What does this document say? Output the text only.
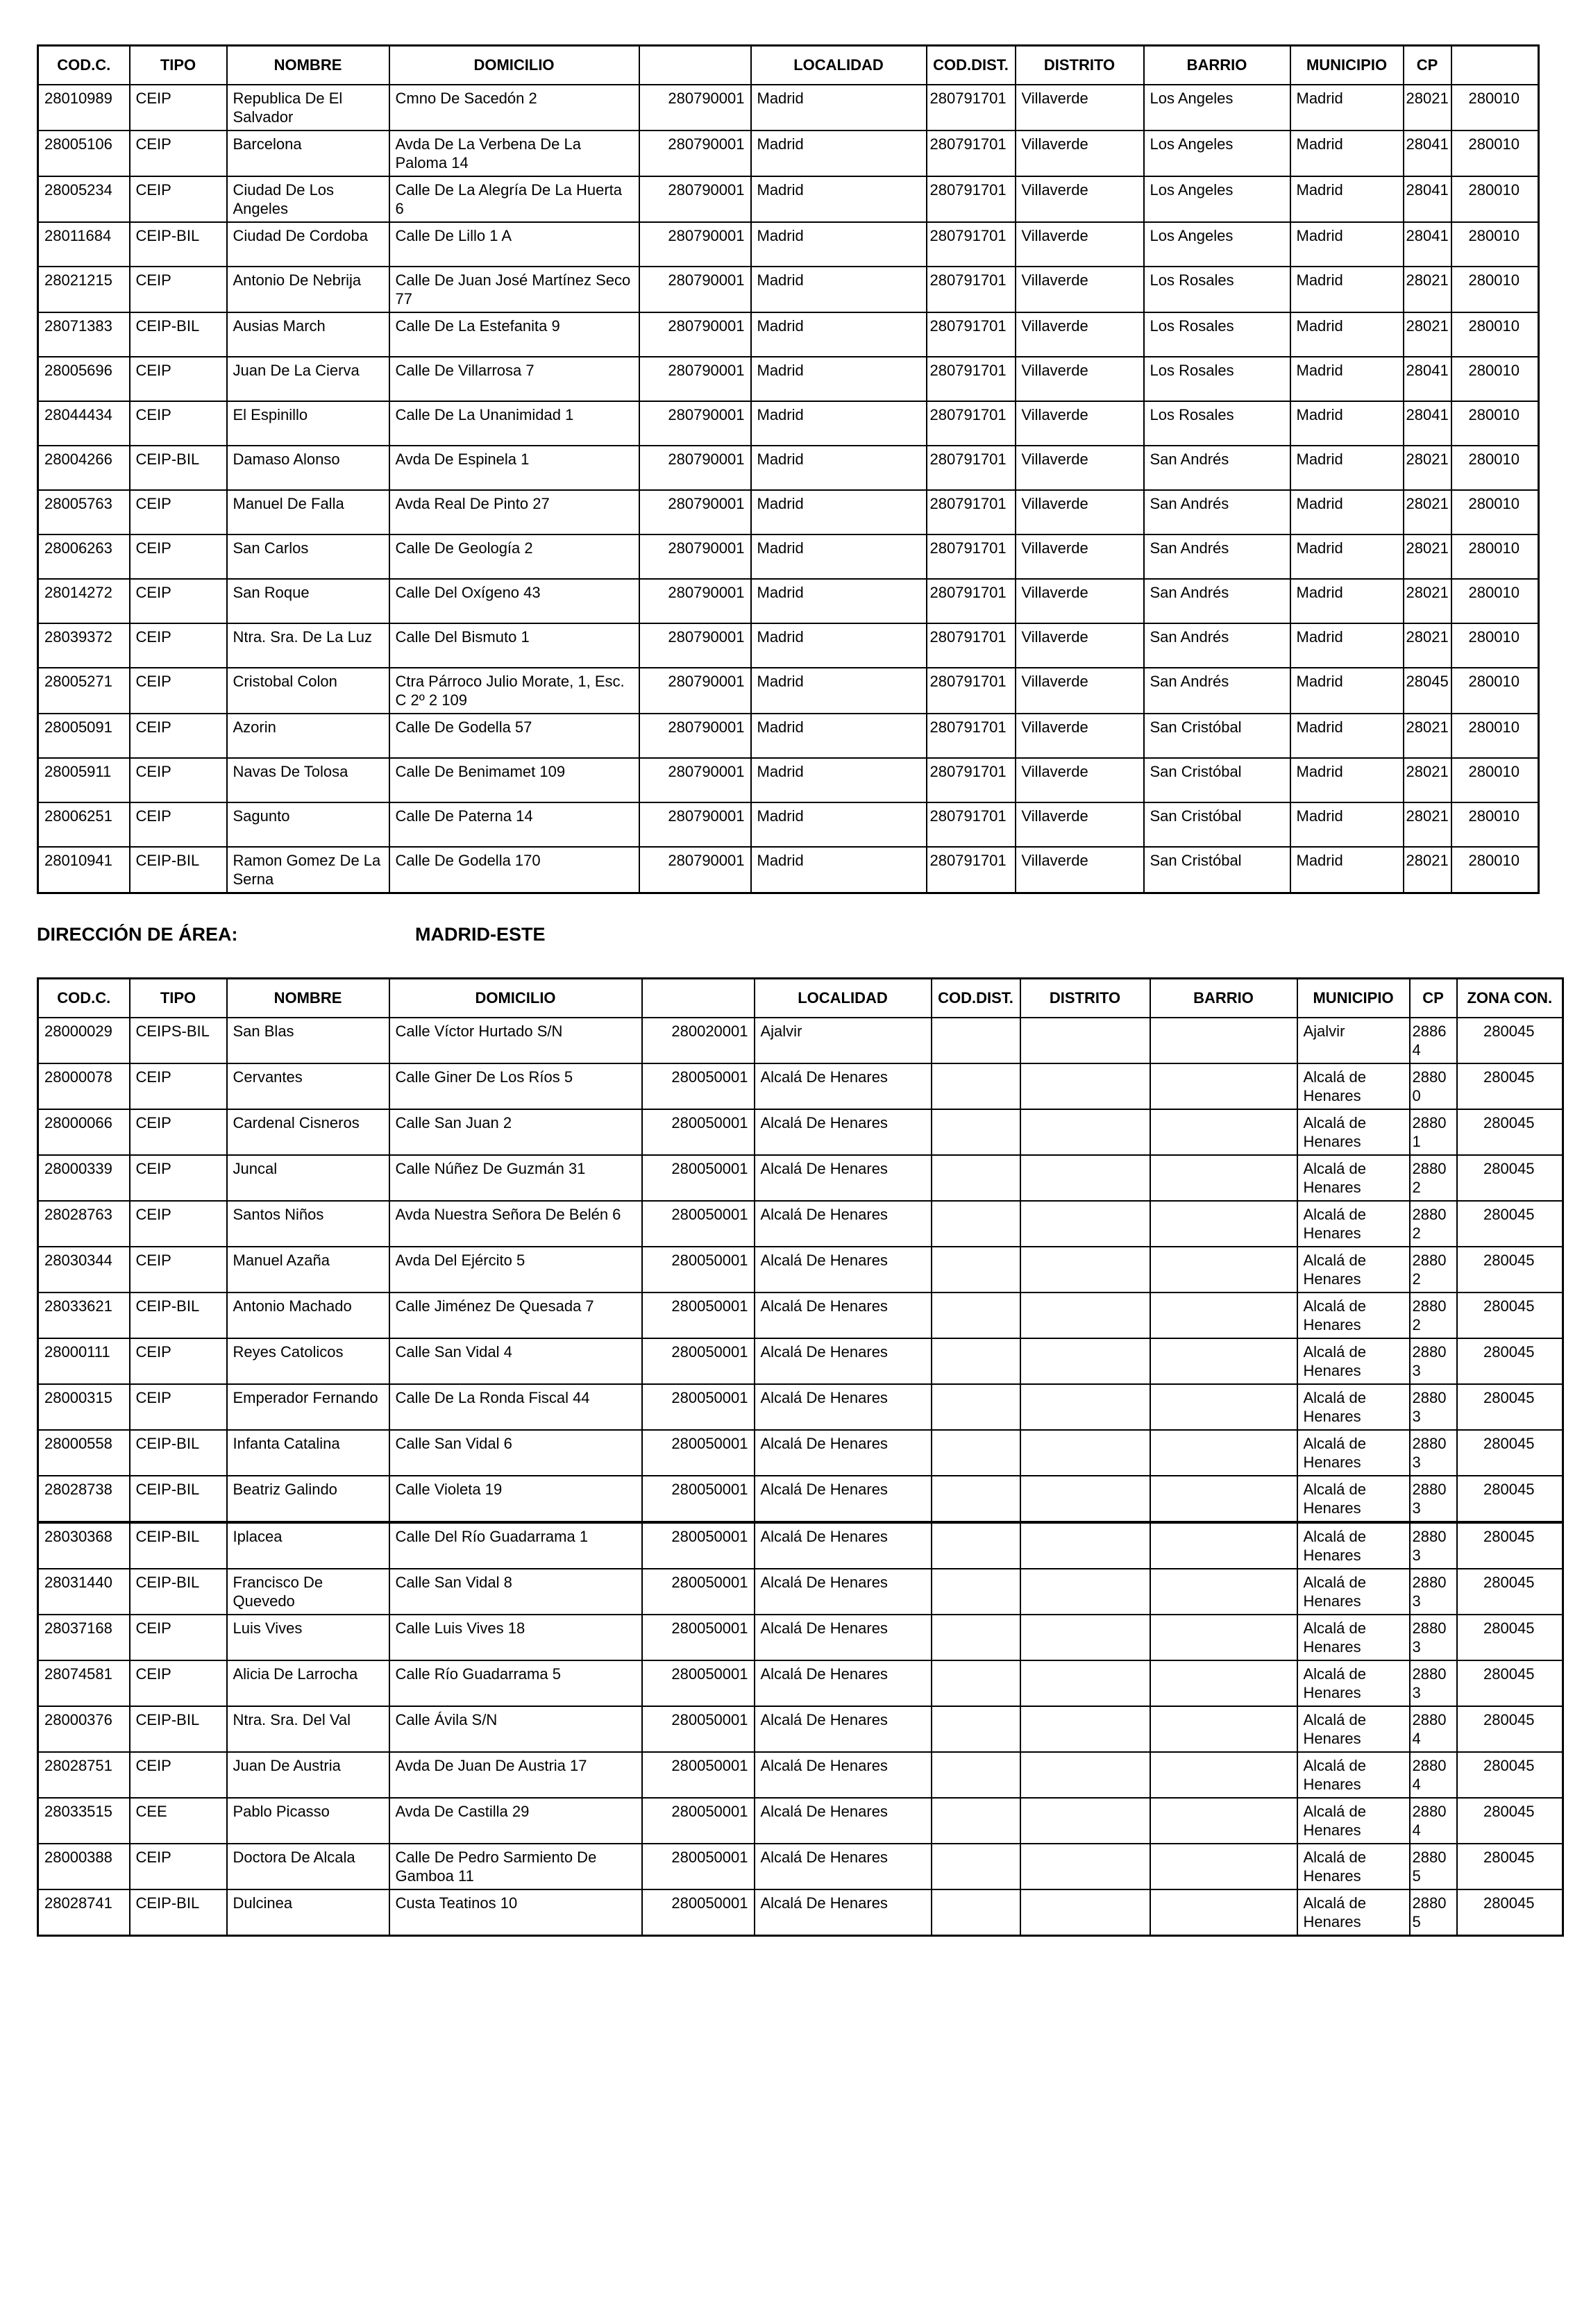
COD.C.	TIPO	NOMBRE	DOMICILIO		LOCALIDAD	COD.DIST.	DISTRITO	BARRIO	MUNICIPIO	CP	
28010989	CEIP	Republica De El Salvador	Cmno De Sacedón 2	280790001	Madrid	280791701	Villaverde	Los Angeles	Madrid	28021	280010
28005106	CEIP	Barcelona	Avda De La Verbena De La Paloma 14	280790001	Madrid	280791701	Villaverde	Los Angeles	Madrid	28041	280010
28005234	CEIP	Ciudad De Los Angeles	Calle De La Alegría De La Huerta 6	280790001	Madrid	280791701	Villaverde	Los Angeles	Madrid	28041	280010
28011684	CEIP-BIL	Ciudad De Cordoba	Calle De Lillo 1 A	280790001	Madrid	280791701	Villaverde	Los Angeles	Madrid	28041	280010
28021215	CEIP	Antonio De Nebrija	Calle De Juan José Martínez Seco 77	280790001	Madrid	280791701	Villaverde	Los Rosales	Madrid	28021	280010
28071383	CEIP-BIL	Ausias March	Calle De La Estefanita 9	280790001	Madrid	280791701	Villaverde	Los Rosales	Madrid	28021	280010
28005696	CEIP	Juan De La Cierva	Calle De Villarrosa 7	280790001	Madrid	280791701	Villaverde	Los Rosales	Madrid	28041	280010
28044434	CEIP	El Espinillo	Calle De La Unanimidad 1	280790001	Madrid	280791701	Villaverde	Los Rosales	Madrid	28041	280010
28004266	CEIP-BIL	Damaso Alonso	Avda De Espinela 1	280790001	Madrid	280791701	Villaverde	San Andrés	Madrid	28021	280010
28005763	CEIP	Manuel De Falla	Avda Real De Pinto 27	280790001	Madrid	280791701	Villaverde	San Andrés	Madrid	28021	280010
28006263	CEIP	San Carlos	Calle De Geología 2	280790001	Madrid	280791701	Villaverde	San Andrés	Madrid	28021	280010
28014272	CEIP	San Roque	Calle Del Oxígeno 43	280790001	Madrid	280791701	Villaverde	San Andrés	Madrid	28021	280010
28039372	CEIP	Ntra. Sra. De La Luz	Calle Del Bismuto 1	280790001	Madrid	280791701	Villaverde	San Andrés	Madrid	28021	280010
28005271	CEIP	Cristobal Colon	Ctra Párroco Julio Morate, 1, Esc. C 2º 2 109	280790001	Madrid	280791701	Villaverde	San Andrés	Madrid	28045	280010
28005091	CEIP	Azorin	Calle De Godella 57	280790001	Madrid	280791701	Villaverde	San Cristóbal	Madrid	28021	280010
28005911	CEIP	Navas De Tolosa	Calle De Benimamet 109	280790001	Madrid	280791701	Villaverde	San Cristóbal	Madrid	28021	280010
28006251	CEIP	Sagunto	Calle De Paterna 14	280790001	Madrid	280791701	Villaverde	San Cristóbal	Madrid	28021	280010
28010941	CEIP-BIL	Ramon Gomez De La Serna	Calle De Godella 170	280790001	Madrid	280791701	Villaverde	San Cristóbal	Madrid	28021	280010
DIRECCIÓN DE ÁREA:	MADRID-ESTE
COD.C.	TIPO	NOMBRE	DOMICILIO		LOCALIDAD	COD.DIST.	DISTRITO	BARRIO	MUNICIPIO	CP	ZONA CON.
28000029	CEIPS-BIL	San Blas	Calle Víctor Hurtado S/N	280020001	Ajalvir				Ajalvir	28864	280045
28000078	CEIP	Cervantes	Calle Giner De Los Ríos 5	280050001	Alcalá De Henares				Alcalá de Henares	28800	280045
28000066	CEIP	Cardenal Cisneros	Calle San Juan 2	280050001	Alcalá De Henares				Alcalá de Henares	28801	280045
28000339	CEIP	Juncal	Calle Núñez De Guzmán 31	280050001	Alcalá De Henares				Alcalá de Henares	28802	280045
28028763	CEIP	Santos Niños	Avda Nuestra Señora De Belén 6	280050001	Alcalá De Henares				Alcalá de Henares	28802	280045
28030344	CEIP	Manuel Azaña	Avda Del Ejército 5	280050001	Alcalá De Henares				Alcalá de Henares	28802	280045
28033621	CEIP-BIL	Antonio Machado	Calle Jiménez De Quesada 7	280050001	Alcalá De Henares				Alcalá de Henares	28802	280045
28000111	CEIP	Reyes Catolicos	Calle San Vidal 4	280050001	Alcalá De Henares				Alcalá de Henares	28803	280045
28000315	CEIP	Emperador Fernando	Calle De La Ronda Fiscal 44	280050001	Alcalá De Henares				Alcalá de Henares	28803	280045
28000558	CEIP-BIL	Infanta Catalina	Calle San Vidal 6	280050001	Alcalá De Henares				Alcalá de Henares	28803	280045
28028738	CEIP-BIL	Beatriz Galindo	Calle Violeta 19	280050001	Alcalá De Henares				Alcalá de Henares	28803	280045
28030368	CEIP-BIL	Iplacea	Calle Del Río Guadarrama 1	280050001	Alcalá De Henares				Alcalá de Henares	28803	280045
28031440	CEIP-BIL	Francisco De Quevedo	Calle San Vidal 8	280050001	Alcalá De Henares				Alcalá de Henares	28803	280045
28037168	CEIP	Luis Vives	Calle Luis Vives 18	280050001	Alcalá De Henares				Alcalá de Henares	28803	280045
28074581	CEIP	Alicia De Larrocha	Calle Río Guadarrama 5	280050001	Alcalá De Henares				Alcalá de Henares	28803	280045
28000376	CEIP-BIL	Ntra. Sra. Del Val	Calle Ávila S/N	280050001	Alcalá De Henares				Alcalá de Henares	28804	280045
28028751	CEIP	Juan De Austria	Avda De Juan De Austria 17	280050001	Alcalá De Henares				Alcalá de Henares	28804	280045
28033515	CEE	Pablo Picasso	Avda De Castilla 29	280050001	Alcalá De Henares				Alcalá de Henares	28804	280045
28000388	CEIP	Doctora De Alcala	Calle De Pedro Sarmiento De Gamboa 11	280050001	Alcalá De Henares				Alcalá de Henares	28805	280045
28028741	CEIP-BIL	Dulcinea	Custa Teatinos 10	280050001	Alcalá De Henares				Alcalá de Henares	28805	280045
